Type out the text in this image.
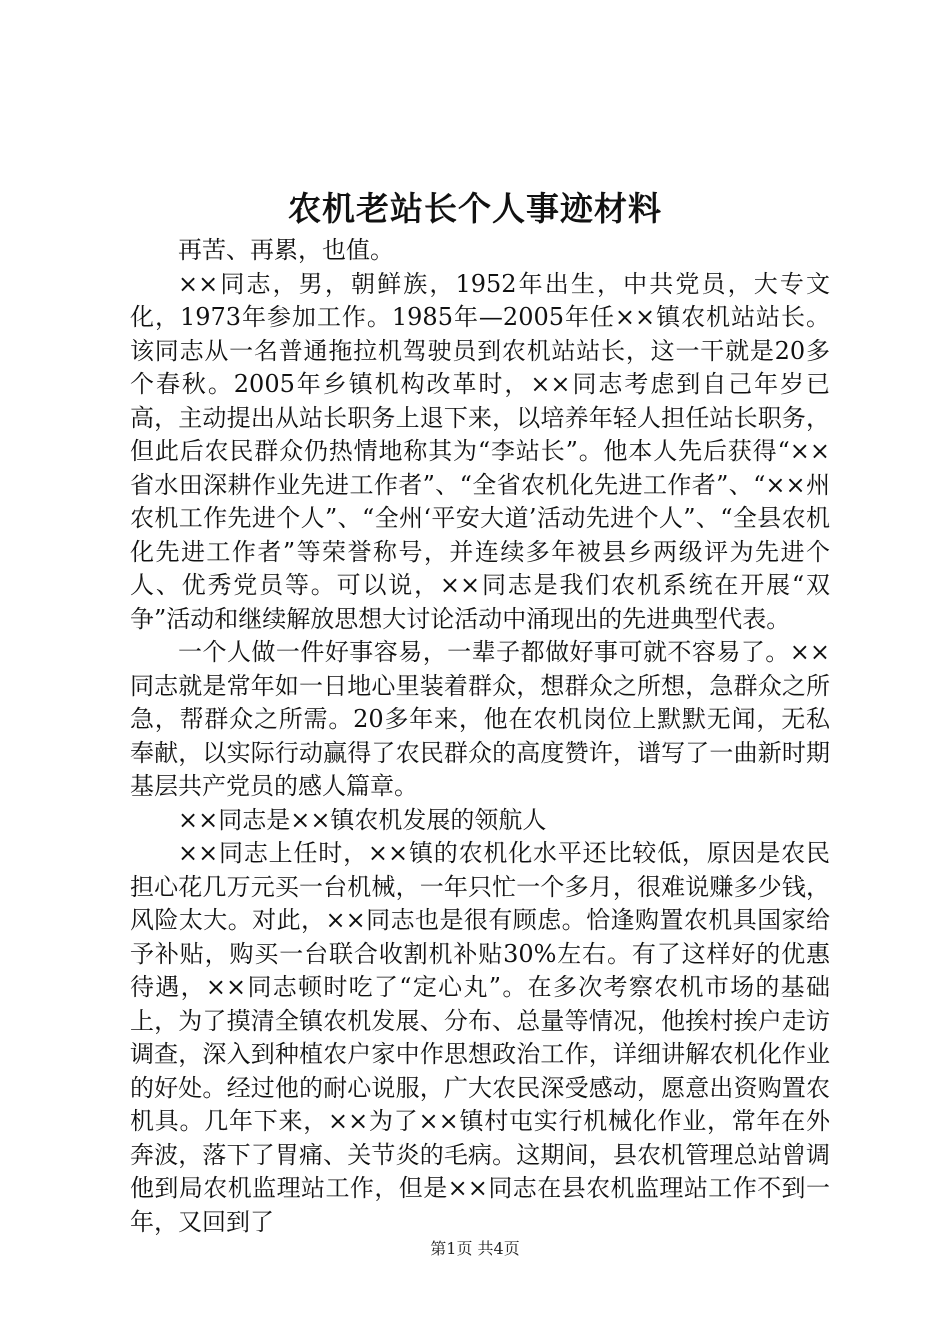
农机老站长个人事迹材料

再苦、再累，也值。

××同志，男，朝鲜族，1952年出生，中共党员，大专文化，1973年参加工作。1985年—2005年任××镇农机站站长。该同志从一名普通拖拉机驾驶员到农机站站长，这一干就是20多个春秋。2005年乡镇机构改革时，××同志考虑到自己年岁已高，主动提出从站长职务上退下来，以培养年轻人担任站长职务，但此后农民群众仍热情地称其为“李站长”。他本人先后获得“××省水田深耕作业先进工作者”、“全省农机化先进工作者”、“××州农机工作先进个人”、“全州‘平安大道’活动先进个人”、“全县农机化先进工作者”等荣誉称号，并连续多年被县乡两级评为先进个人、优秀党员等。可以说，××同志是我们农机系统在开展“双争”活动和继续解放思想大讨论活动中涌现出的先进典型代表。

一个人做一件好事容易，一辈子都做好事可就不容易了。××同志就是常年如一日地心里装着群众，想群众之所想，急群众之所急，帮群众之所需。20多年来，他在农机岗位上默默无闻，无私奉献，以实际行动赢得了农民群众的高度赞许，谱写了一曲新时期基层共产党员的感人篇章。

××同志是××镇农机发展的领航人

××同志上任时，××镇的农机化水平还比较低，原因是农民担心花几万元买一台机械，一年只忙一个多月，很难说赚多少钱，风险太大。对此，××同志也是很有顾虑。恰逢购置农机具国家给予补贴，购买一台联合收割机补贴30%左右。有了这样好的优惠待遇，××同志顿时吃了“定心丸”。在多次考察农机市场的基础上，为了摸清全镇农机发展、分布、总量等情况，他挨村挨户走访调查，深入到种植农户家中作思想政治工作，详细讲解农机化作业的好处。经过他的耐心说服，广大农民深受感动，愿意出资购置农机具。几年下来，××为了××镇村屯实行机械化作业，常年在外奔波，落下了胃痛、关节炎的毛病。这期间，县农机管理总站曾调他到局农机监理站工作，但是××同志在县农机监理站工作不到一年，又回到了

第1页 共4页
